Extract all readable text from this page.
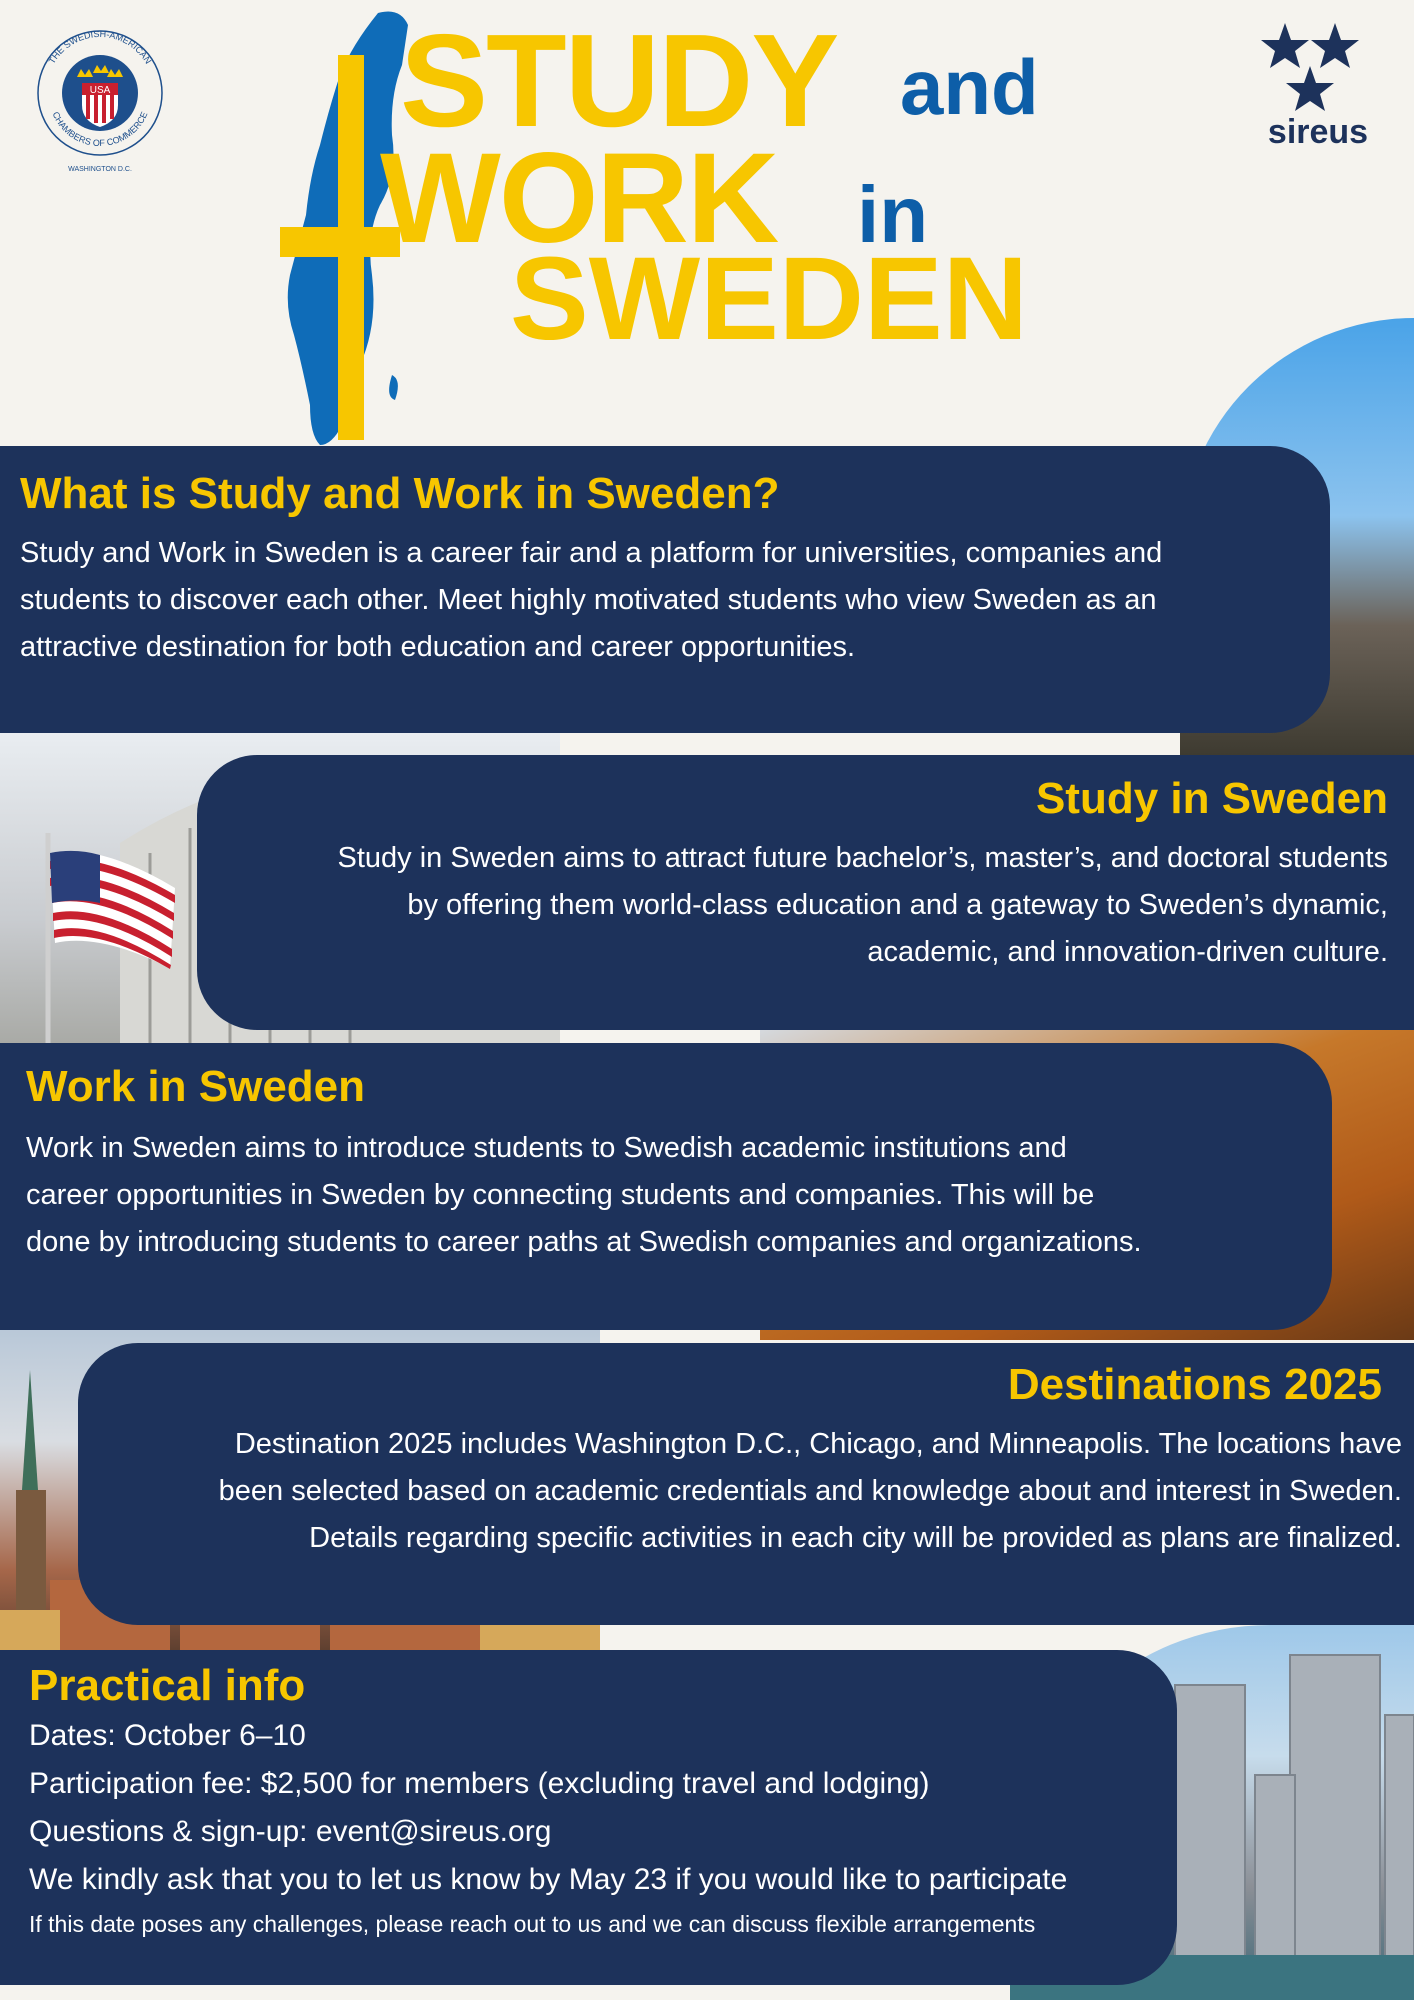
STUDY and
WORK in
SWEDEN
THE SWEDISH-AMERICAN
CHAMBERS OF COMMERCE
USA
WASHINGTON D.C.
sireus
What is Study and Work in Sweden?

Study and Work in Sweden is a career fair and a platform for universities, companies and
students to discover each other. Meet highly motivated students who view Sweden as an
attractive destination for both education and career opportunities.

Study in Sweden

Study in Sweden aims to attract future bachelor’s, master’s, and doctoral students
by offering them world-class education and a gateway to Sweden’s dynamic,
academic, and innovation-driven culture.

Work in Sweden

Work in Sweden aims to introduce students to Swedish academic institutions and
career opportunities in Sweden by connecting students and companies. This will be
done by introducing students to career paths at Swedish companies and organizations.

Destinations 2025

Destination 2025 includes Washington D.C., Chicago, and Minneapolis. The locations have
been selected based on academic credentials and knowledge about and interest in Sweden.
Details regarding specific activities in each city will be provided as plans are finalized.

Practical info
Dates: October 6–10
Participation fee: $2,500 for members (excluding travel and lodging)
Questions & sign-up: event@sireus.org
We kindly ask that you to let us know by May 23 if you would like to participate
If this date poses any challenges, please reach out to us and we can discuss flexible arrangements
